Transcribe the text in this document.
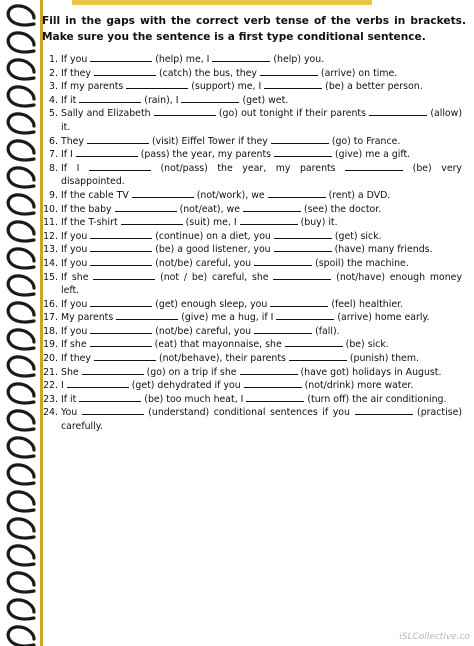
Fill in the gaps with the correct verb tense of the verbs in brackets. Make sure you the sentence is a first type conditional sentence.

1. If you	(help) me, I	(help) you.
2. If they	(catch) the bus, they	(arrive) on time.
3. If my parents	(support) me, I	(be) a better person.
4. If it	(rain), I	(get) wet.
5. Sally and Elizabeth	(go) out tonight if their parents	(allow) it.
6. They	(visit) Eiffel Tower if they	(go) to France.
7. If I	(pass) the year, my parents	(give) me a gift.
8. If I	(not/pass) the year, my parents	(be) very disappointed.
9. If the cable TV	(not/work), we	(rent) a DVD.
10. If the baby	(not/eat), we	(see) the doctor.
11. If the T-shirt	(suit) me, I	(buy) it.
12. If you	(continue) on a diet, you	(get) sick.
13. If you	(be) a good listener, you	(have) many friends.
14. If you	(not/be) careful, you	(spoil) the machine.
15. If she	(not / be) careful, she	(not/have) enough money left.
16. If you	(get) enough sleep, you	(feel) healthier.
17. My parents	(give) me a hug, if I	(arrive) home early.
18. If you	(not/be) careful, you	(fall).
19. If she	(eat) that mayonnaise, she	(be) sick.
20. If they	(not/behave), their parents	(punish) them.
21. She	(go) on a trip if she	(have got) holidays in August.
22. I	(get) dehydrated if you	(not/drink) more water.
23. If it	(be) too much heat, I	(turn off) the air conditioning.
24. You	(understand) conditional sentences if you	(practise) carefully.
iSLCollective.co
